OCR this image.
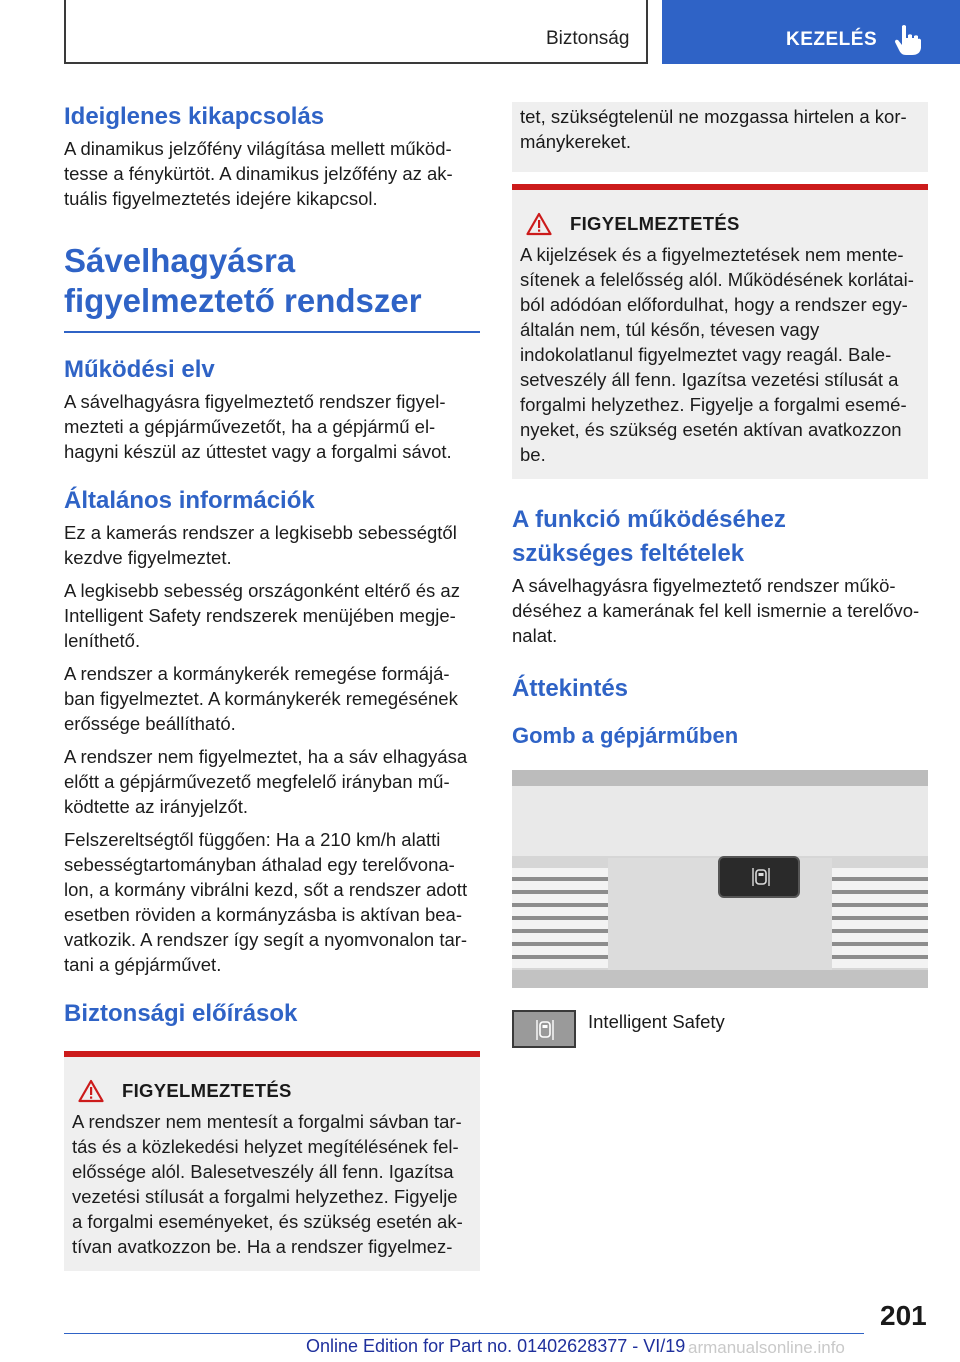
Biztonság	KEZELÉS
Ideiglenes kikapcsolás

A dinamikus jelzőfény világítása mellett működ-tesse a fénykürtöt. A dinamikus jelzőfény az ak-tuális figyelmeztetés idejére kikapcsol.

Sávelhagyásra
figyelmeztető rendszer
Működési elv

A sávelhagyásra figyelmeztető rendszer figyel-mezteti a gépjárművezetőt, ha a gépjármű el-hagyni készül az úttestet vagy a forgalmi sávot.

Általános információk

Ez a kamerás rendszer a legkisebb sebességtől kezdve figyelmeztet.

A legkisebb sebesség országonként eltérő és az Intelligent Safety rendszerek menüjében megje-leníthető.

A rendszer a kormánykerék remegése formájá-ban figyelmeztet. A kormánykerék remegésének erőssége beállítható.

A rendszer nem figyelmeztet, ha a sáv elhagyása előtt a gépjárművezető megfelelő irányban mű-ködtette az irányjelzőt.

Felszereltségtől függően: Ha a 210 km/h alatti sebességtartományban áthalad egy terelővona-lon, a kormány vibrálni kezd, sőt a rendszer adott esetben röviden a kormányzásba is aktívan bea-vatkozik. A rendszer így segít a nyomvonalon tar-tani a gépjárművet.

Biztonsági előírások
FIGYELMEZTETÉS
A rendszer nem mentesít a forgalmi sávban tar-tás és a közlekedési helyzet megítélésének fel-előssége alól. Balesetveszély áll fenn. Igazítsa vezetési stílusát a forgalmi helyzethez. Figyelje a forgalmi eseményeket, és szükség esetén ak-tívan avatkozzon be. Ha a rendszer figyelmez-
tet, szükségtelenül ne mozgassa hirtelen a kor-mánykereket.
FIGYELMEZTETÉS
A kijelzések és a figyelmeztetések nem mente-sítenek a felelősség alól. Működésének korlátai-ból adódóan előfordulhat, hogy a rendszer egy-általán nem, túl későn, tévesen vagy indokolatlanul figyelmeztet vagy reagál. Bale-setveszély áll fenn. Igazítsa vezetési stílusát a forgalmi helyzethez. Figyelje a forgalmi esemé-nyeket, és szükség esetén aktívan avatkozzon be.
A funkció működéséhez
szükséges feltételek

A sávelhagyásra figyelmeztető rendszer műkö-déséhez a kamerának fel kell ismernie a terelővo-nalat.

Áttekintés
Gomb a gépjárműben
Intelligent Safety
201
Online Edition for Part no. 01402628377 - VI/19 armanualsonline.info
